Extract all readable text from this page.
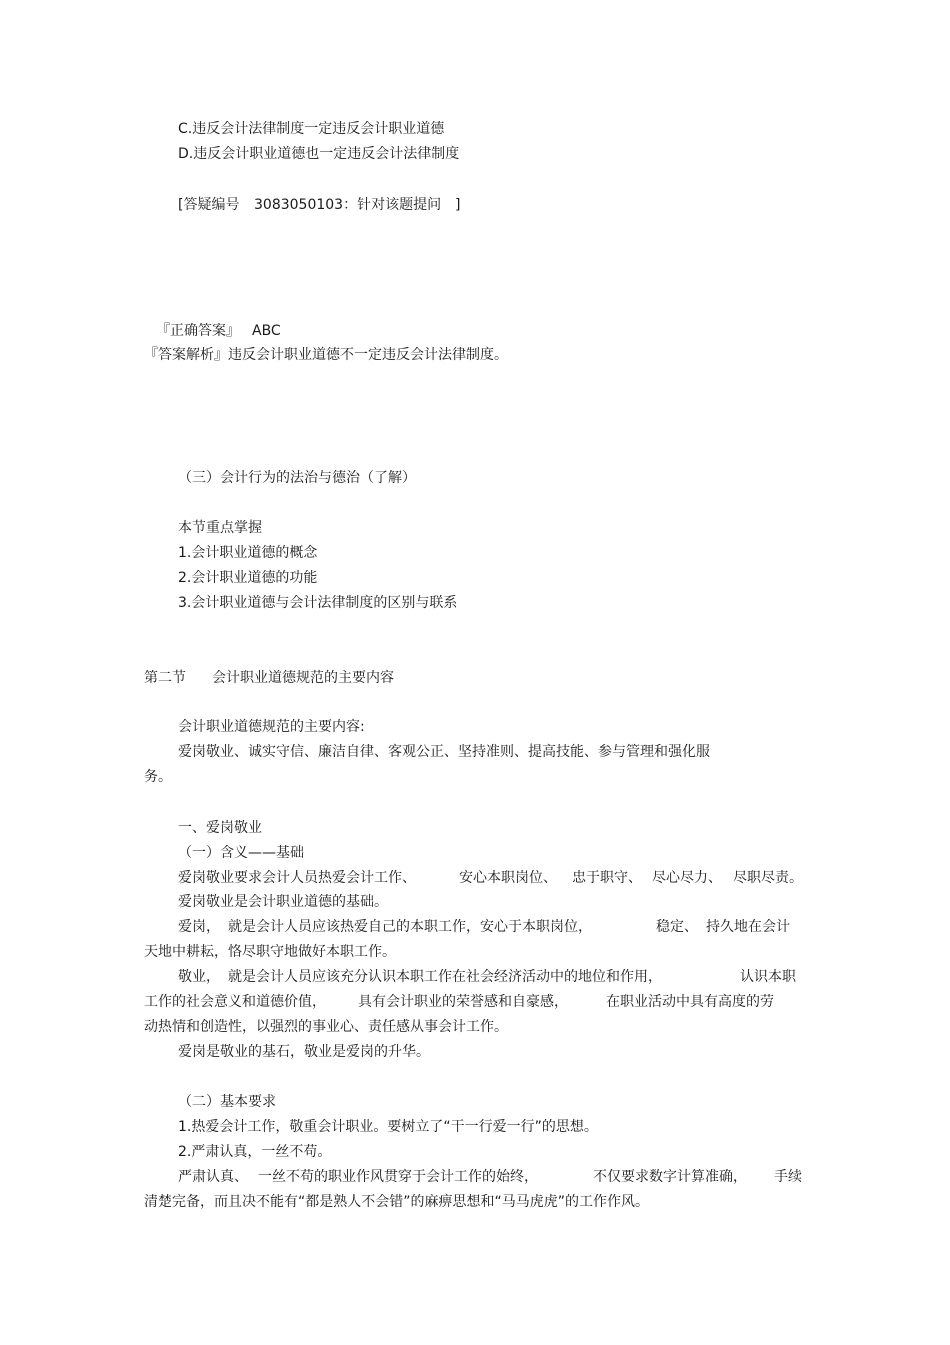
C.违反会计法律制度一定违反会计职业道德

D.违反会计职业道德也一定违反会计法律制度

[答疑编号 3083050103：针对该题提问 ]
『正确答案』 ABC

『答案解析』违反会计职业道德不一定违反会计法律制度。

（三）会计行为的法治与德治（了解）

本节重点掌握

1.会计职业道德的概念

2.会计职业道德的功能

3.会计职业道德与会计法律制度的区别与联系

第二节 会计职业道德规范的主要内容

会计职业道德规范的主要内容:

爱岗敬业、诚实守信、廉洁自律、客观公正、坚持准则、提高技能、参与管理和强化服

务。

一、爱岗敬业

（一）含义——基础

爱岗敬业要求会计人员热爱会计工作、	安心本职岗位、 忠于职守、 尽心尽力、 尽职尽责。

爱岗敬业是会计职业道德的基础。

爱岗， 就是会计人员应该热爱自己的本职工作，安心于本职岗位，	稳定、 持久地在会计

天地中耕耘，恪尽职守地做好本职工作。

敬业， 就是会计人员应该充分认识本职工作在社会经济活动中的地位和作用，	认识本职
工作的社会意义和道德价值， 具有会计职业的荣誉感和自豪感，	在职业活动中具有高度的劳

动热情和创造性，以强烈的事业心、责任感从事会计工作。

爱岗是敬业的基石，敬业是爱岗的升华。

（二）基本要求

1.热爱会计工作，敬重会计职业。要树立了“干一行爱一行”的思想。

2.严肃认真，一丝不苟。

严肃认真、 一丝不苟的职业作风贯穿于会计工作的始终，	不仅要求数字计算准确， 手续

清楚完备，而且决不能有“都是熟人不会错”的麻痹思想和“马马虎虎”的工作作风。
